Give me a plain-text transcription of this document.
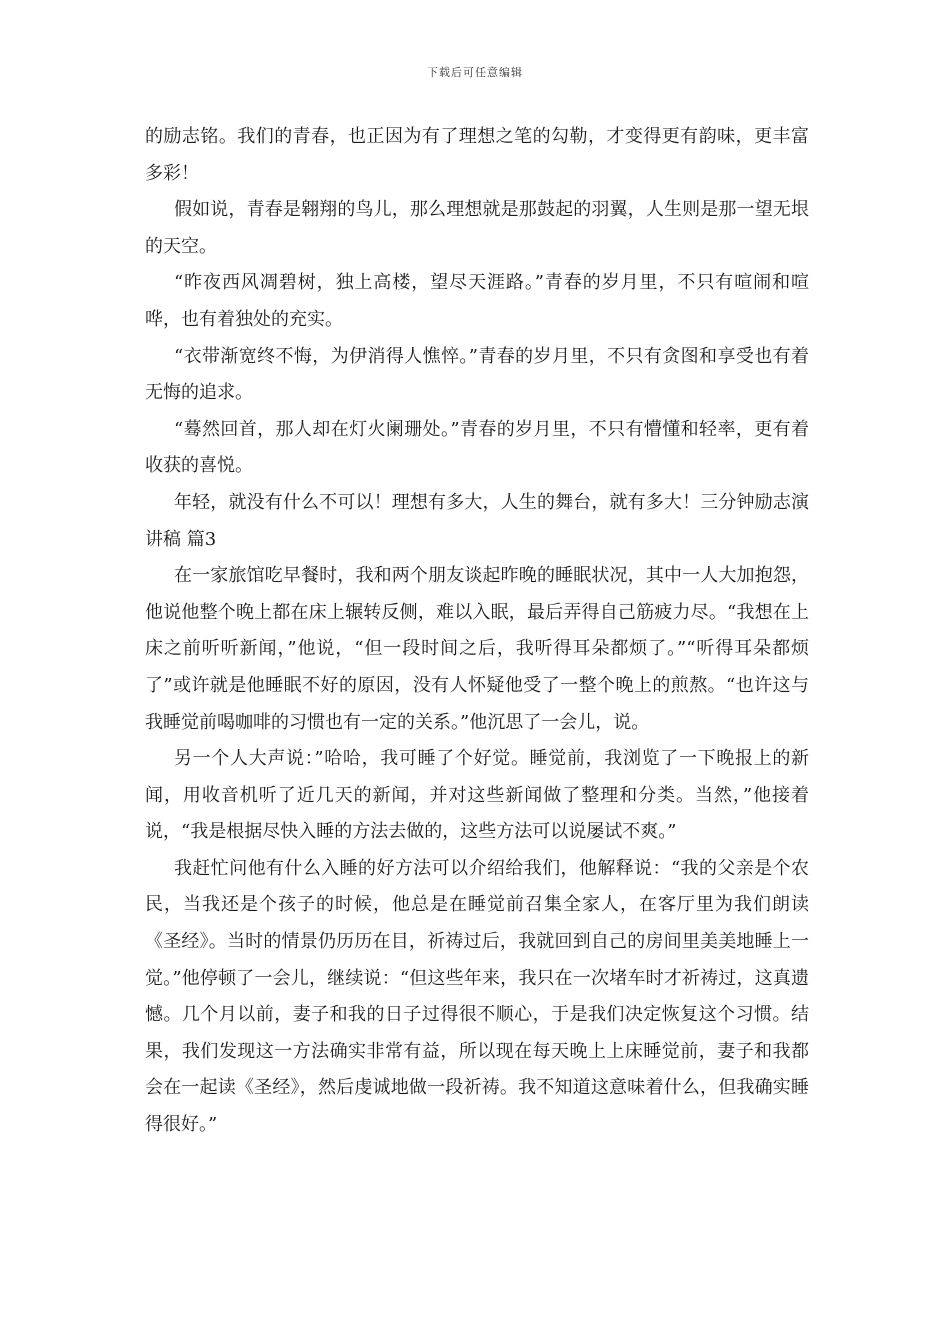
下载后可任意编辑

的励志铭。我们的青春，也正因为有了理想之笔的勾勒，才变得更有韵味，更丰富多彩！

假如说，青春是翱翔的鸟儿，那么理想就是那鼓起的羽翼，人生则是那一望无垠的天空。

“昨夜西风凋碧树，独上高楼，望尽天涯路。”青春的岁月里，不只有喧闹和喧哗，也有着独处的充实。

“衣带渐宽终不悔，为伊消得人憔悴。”青春的岁月里，不只有贪图和享受也有着无悔的追求。

“蓦然回首，那人却在灯火阑珊处。”青春的岁月里，不只有懵懂和轻率，更有着收获的喜悦。

年轻，就没有什么不可以！理想有多大，人生的舞台，就有多大！三分钟励志演讲稿 篇3

在一家旅馆吃早餐时，我和两个朋友谈起昨晚的睡眠状况，其中一人大加抱怨，他说他整个晚上都在床上辗转反侧，难以入眠，最后弄得自己筋疲力尽。“我想在上床之前听听新闻，”他说，“但一段时间之后，我听得耳朵都烦了。”“听得耳朵都烦了”或许就是他睡眠不好的原因，没有人怀疑他受了一整个晚上的煎熬。“也许这与我睡觉前喝咖啡的习惯也有一定的关系。”他沉思了一会儿，说。

另一个人大声说：”哈哈，我可睡了个好觉。睡觉前，我浏览了一下晚报上的新闻，用收音机听了近几天的新闻，并对这些新闻做了整理和分类。当然，”他接着说，“我是根据尽快入睡的方法去做的，这些方法可以说屡试不爽。”

我赶忙问他有什么入睡的好方法可以介绍给我们，他解释说：“我的父亲是个农民，当我还是个孩子的时候，他总是在睡觉前召集全家人，在客厅里为我们朗读《圣经》。当时的情景仍历历在目，祈祷过后，我就回到自己的房间里美美地睡上一觉。”他停顿了一会儿，继续说：“但这些年来，我只在一次堵车时才祈祷过，这真遗憾。几个月以前，妻子和我的日子过得很不顺心，于是我们决定恢复这个习惯。结果，我们发现这一方法确实非常有益，所以现在每天晚上上床睡觉前，妻子和我都会在一起读《圣经》，然后虔诚地做一段祈祷。我不知道这意味着什么，但我确实睡得很好。”
